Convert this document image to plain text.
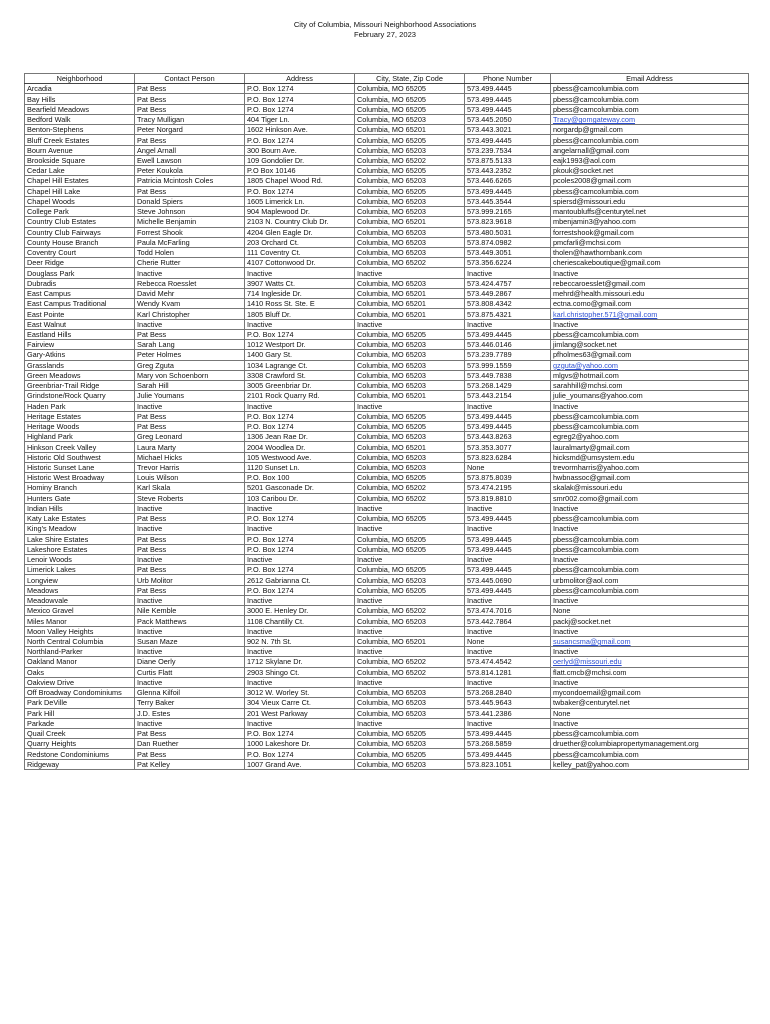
City of Columbia, Missouri Neighborhood Associations
February 27, 2023
Neighborhood	Contact Person	Address	City, State, Zip Code	Phone Number	Email Address
Arcadia	Pat Bess	P.O. Box 1274	Columbia, MO 65205	573.499.4445	pbess@camcolumbia.com
Bay Hills	Pat Bess	P.O. Box 1274	Columbia, MO 65205	573.499.4445	pbess@camcolumbia.com
Bearfield Meadows	Pat Bess	P.O. Box 1274	Columbia, MO 65205	573.499.4445	pbess@camcolumbia.com
Bedford Walk	Tracy Mulligan	404 Tiger Ln.	Columbia, MO 65203	573.445.2050	Tracy@gomgateway.com
Benton-Stephens	Peter Norgard	1602 Hinkson Ave.	Columbia, MO 65201	573.443.3021	norgardp@gmail.com
Bluff Creek Estates	Pat Bess	P.O. Box 1274	Columbia, MO 65205	573.499.4445	pbess@camcolumbia.com
Bourn Avenue	Angel Arnall	300 Bourn Ave.	Columbia, MO 65203	573.239.7534	angelarnall@gmail.com
Brookside Square	Ewell Lawson	109 Gondolier Dr.	Columbia, MO 65202	573.875.5133	eajk1993@aol.com
Cedar Lake	Peter Koukola	P.O Box 10146	Columbia, MO 65205	573.443.2352	pkouk@socket.net
Chapel Hill Estates	Patricia Mcintosh Coles	1805 Chapel Wood Rd.	Columbia, MO 65203	573.446.6265	pcoles2008@gmail.com
Chapel Hill Lake	Pat Bess	P.O. Box 1274	Columbia, MO 65205	573.499.4445	pbess@camcolumbia.com
Chapel Woods	Donald Spiers	1605 Limerick Ln.	Columbia, MO 65203	573.445.3544	spiersd@missouri.edu
College Park	Steve Johnson	904 Maplewood Dr.	Columbia, MO 65203	573.999.2165	mantoubluffs@centurytel.net
Country Club Estates	Michelle Benjamin	2103 N. Country Club Dr.	Columbia, MO 65201	573.823.9618	mbenjamin3@yahoo.com
Country Club Fairways	Forrest Shook	4204 Glen Eagle Dr.	Columbia, MO 65203	573.480.5031	forrestshook@gmail.com
County House Branch	Paula McFarling	203 Orchard Ct.	Columbia, MO 65203	573.874.0982	pmcfarli@mchsi.com
Coventry Court	Todd Holen	111 Coventry Ct.	Columbia, MO 65203	573.449.3051	tholen@hawthornbank.com
Deer Ridge	Cherie Rutter	4107 Cottonwood Dr.	Columbia, MO 65202	573.356.6224	cheriescakeboutique@gmail.com
Douglass Park	Inactive	Inactive	Inactive	Inactive	Inactive
Dubradis	Rebecca Roesslet	3907 Watts Ct.	Columbia, MO 65203	573.424.4757	rebeccaroesslet@gmail.com
East Campus	David Mehr	714 Ingleside Dr.	Columbia, MO 65201	573.449.2867	mehrd@health.missouri.edu
East Campus Traditional	Wendy Kvam	1410 Ross St. Ste. E	Columbia, MO 65201	573.808.4342	ectna.como@gmail.com
East Pointe	Karl Christopher	1805 Bluff Dr.	Columbia, MO 65201	573.875.4321	karl.christopher.571@gmail.com
East Walnut	Inactive	Inactive	Inactive	Inactive	Inactive
Eastland Hills	Pat Bess	P.O. Box 1274	Columbia, MO 65205	573.499.4445	pbess@camcolumbia.com
Fairview	Sarah Lang	1012 Westport Dr.	Columbia, MO 65203	573.446.0146	jimlang@socket.net
Gary-Atkins	Peter Holmes	1400 Gary St.	Columbia, MO 65203	573.239.7789	pfholmes63@gmail.com
Grasslands	Greg Zguta	1034 Lagrange Ct.	Columbia, MO 65203	573.999.1559	gzguta@yahoo.com
Green Meadows	Mary von Schoenborn	3308 Crawford St.	Columbia, MO 65203	573.449.7838	mlgvs@hotmail.com
Greenbriar-Trail Ridge	Sarah Hill	3005 Greenbriar Dr.	Columbia, MO 65203	573.268.1429	sarahhill@mchsi.com
Grindstone/Rock Quarry	Julie Youmans	2101 Rock Quarry Rd.	Columbia, MO 65201	573.443.2154	julie_youmans@yahoo.com
Haden Park	Inactive	Inactive	Inactive	Inactive	Inactive
Heritage Estates	Pat Bess	P.O. Box 1274	Columbia, MO 65205	573.499.4445	pbess@camcolumbia.com
Heritage Woods	Pat Bess	P.O. Box 1274	Columbia, MO 65205	573.499.4445	pbess@camcolumbia.com
Highland Park	Greg Leonard	1306 Jean Rae Dr.	Columbia, MO 65203	573.443.8263	egreg2@yahoo.com
Hinkson Creek Valley	Laura Marty	2004 Woodlea Dr.	Columbia, MO 65201	573.353.3077	lauralmarty@gmail.com
Historic Old Southwest	Michael Hicks	105 Westwood Ave.	Columbia, MO 65203	573.823.6284	hicksmd@umsystem.edu
Historic Sunset Lane	Trevor Harris	1120 Sunset Ln.	Columbia, MO 65203	None	trevormharris@yahoo.com
Historic West Broadway	Louis Wilson	P.O. Box 100	Columbia, MO 65205	573.875.8039	hwbnassoc@gmail.com
Hominy Branch	Karl Skala	5201 Gasconade Dr.	Columbia, MO 65202	573.474.2195	skalak@missouri.edu
Hunters Gate	Steve Roberts	103 Caribou Dr.	Columbia, MO 65202	573.819.8810	smr002.como@gmail.com
Indian Hills	Inactive	Inactive	Inactive	Inactive	Inactive
Katy Lake Estates	Pat Bess	P.O. Box 1274	Columbia, MO 65205	573.499.4445	pbess@camcolumbia.com
King's Meadow	Inactive	Inactive	Inactive	Inactive	Inactive
Lake Shire Estates	Pat Bess	P.O. Box 1274	Columbia, MO 65205	573.499.4445	pbess@camcolumbia.com
Lakeshore Estates	Pat Bess	P.O. Box 1274	Columbia, MO 65205	573.499.4445	pbess@camcolumbia.com
Lenoir Woods	Inactive	Inactive	Inactive	Inactive	Inactive
Limerick Lakes	Pat Bess	P.O. Box 1274	Columbia, MO 65205	573.499.4445	pbess@camcolumbia.com
Longview	Urb Molitor	2612 Gabrianna Ct.	Columbia, MO 65203	573.445.0690	urbmolitor@aol.com
Meadows	Pat Bess	P.O. Box 1274	Columbia, MO 65205	573.499.4445	pbess@camcolumbia.com
Meadowvale	Inactive	Inactive	Inactive	Inactive	Inactive
Mexico Gravel	Nile Kemble	3000 E. Henley Dr.	Columbia, MO 65202	573.474.7016	None
Miles Manor	Pack Matthews	1108 Chantilly Ct.	Columbia, MO 65203	573.442.7864	packj@socket.net
Moon Valley Heights	Inactive	Inactive	Inactive	Inactive	Inactive
North Central Columbia	Susan Maze	902 N. 7th St.	Columbia, MO 65201	None	susancsma@gmail.com
Northland-Parker	Inactive	Inactive	Inactive	Inactive	Inactive
Oakland Manor	Diane Oerly	1712 Skylane Dr.	Columbia, MO 65202	573.474.4542	oerlyd@missouri.edu
Oaks	Curtis Flatt	2903 Shingo Ct.	Columbia, MO 65202	573.814.1281	flatt.cmcb@mchsi.com
Oakview Drive	Inactive	Inactive	Inactive	Inactive	Inactive
Off Broadway Condominiums	Glenna Kilfoil	3012 W. Worley St.	Columbia, MO 65203	573.268.2840	mycondoemail@gmail.com
Park DeVille	Terry Baker	304 Vieux Carre Ct.	Columbia, MO 65203	573.445.9643	twbaker@centurytel.net
Park Hill	J.D. Estes	201 West Parkway	Columbia, MO 65203	573.441.2386	None
Parkade	Inactive	Inactive	Inactive	Inactive	Inactive
Quail Creek	Pat Bess	P.O. Box 1274	Columbia, MO 65205	573.499.4445	pbess@camcolumbia.com
Quarry Heights	Dan Ruether	1000 Lakeshore Dr.	Columbia, MO 65203	573.268.5859	druether@columbiapropertymanagement.org
Redstone Condominiums	Pat Bess	P.O. Box 1274	Columbia, MO 65205	573.499.4445	pbess@camcolumbia.com
Ridgeway	Pat Kelley	1007 Grand Ave.	Columbia, MO 65203	573.823.1051	kelley_pat@yahoo.com
